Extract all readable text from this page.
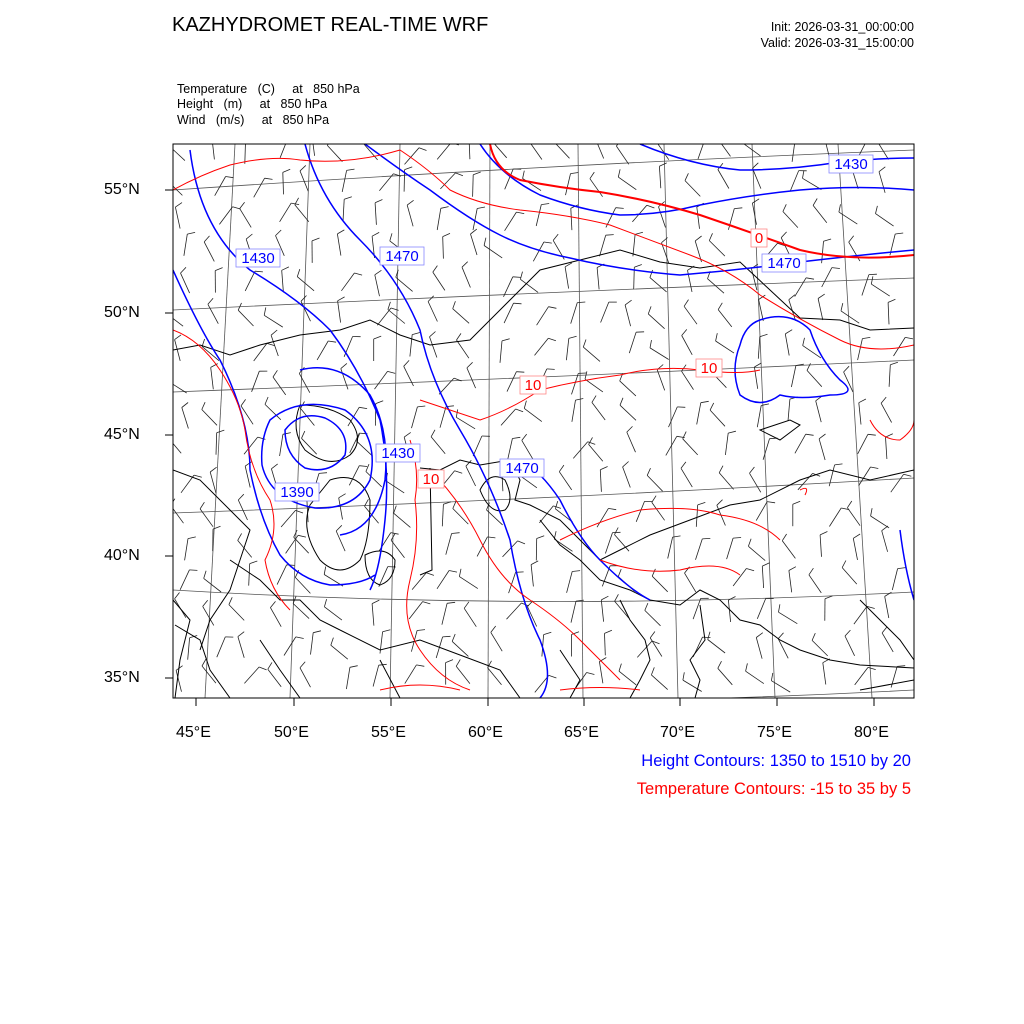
KAZHYDROMET REAL-TIME WRF	Init: 2026-03-31_00:00:00
Valid: 2026-03-31_15:00:00
Temperature   (C)     at   850 hPa
Height   (m)     at   850 hPa
Wind   (m/s)     at   850 hPa
1430	1470
1430
1470
1390
1430
1470
0
10
10
10
55°N
50°N
45°N
40°N
35°N
45°E	50°E	55°E	60°E	65°E	70°E	75°E	80°E
Height Contours: 1350 to 1510 by 20
Temperature Contours: -15 to 35 by 5
